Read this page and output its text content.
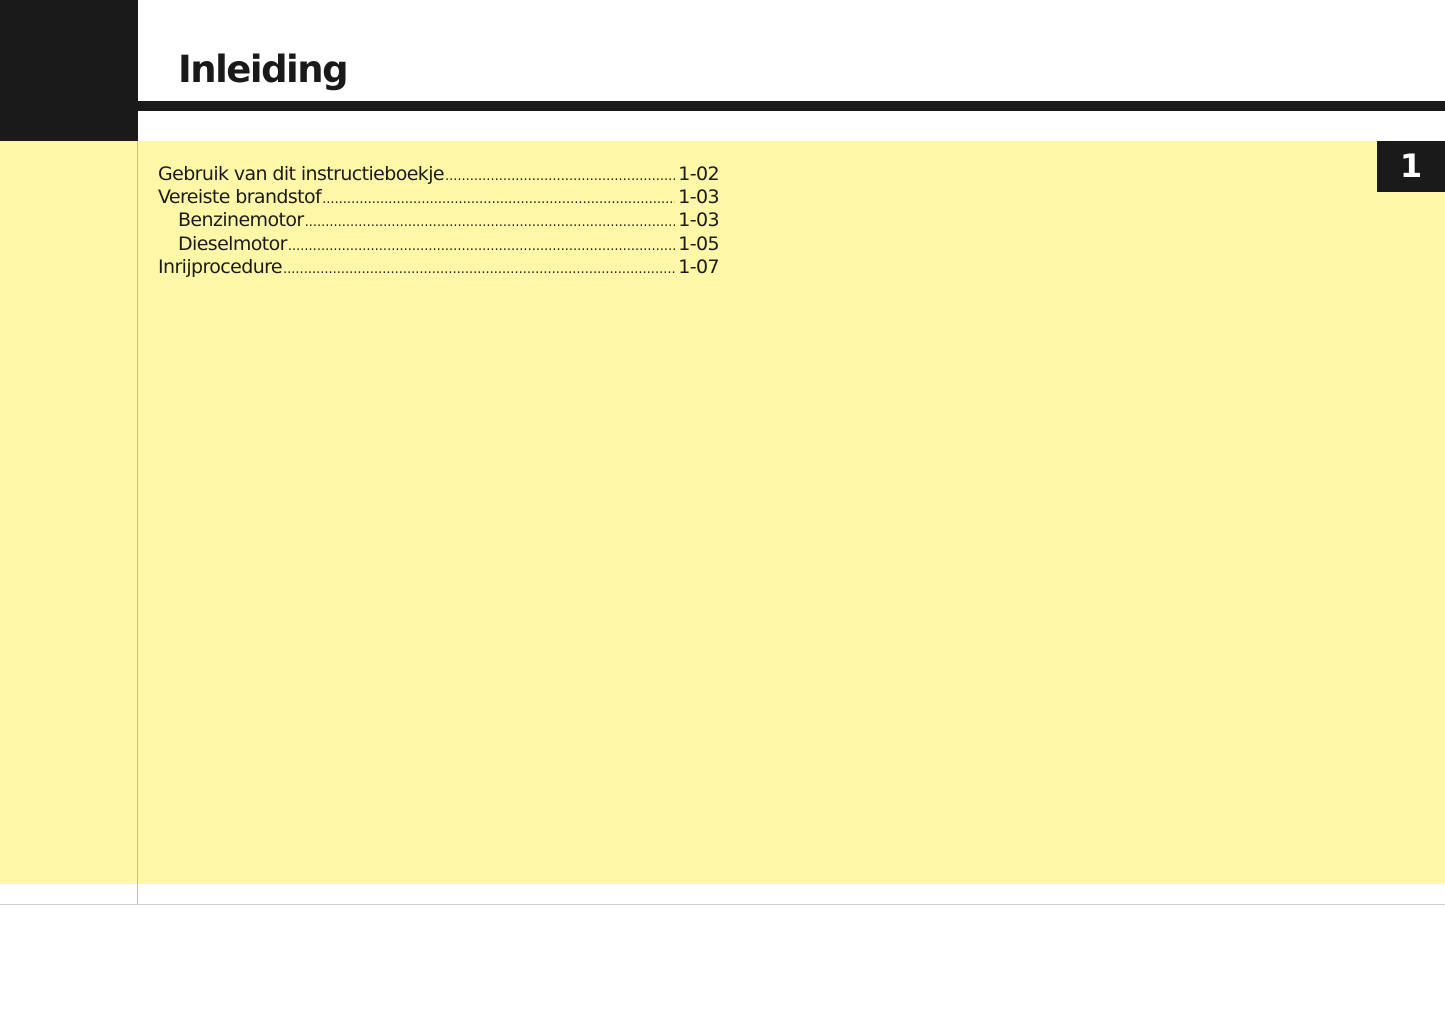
Inleiding
1
Gebruik van dit instructieboekje .....	1-02
Vereiste brandstof .....	1-03
Benzinemotor .....	1-03
Dieselmotor .....	1-05
Inrijprocedure .....	1-07
